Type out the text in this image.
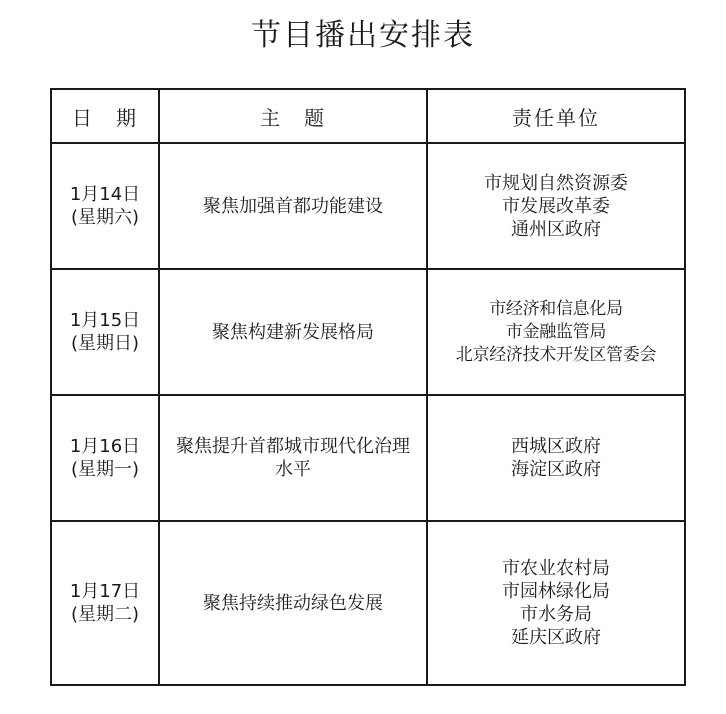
节目播出安排表
日　期	主　题	责任单位

1月14日
(星期六)	聚焦加强首都功能建设	市规划自然资源委
市发展改革委
通州区政府

1月15日
(星期日)	聚焦构建新发展格局	市经济和信息化局
市金融监管局
北京经济技术开发区管委会

1月16日
(星期一)	聚焦提升首都城市现代化治理水平	西城区政府
海淀区政府

1月17日
(星期二)	聚焦持续推动绿色发展	市农业农村局
市园林绿化局
市水务局
延庆区政府
